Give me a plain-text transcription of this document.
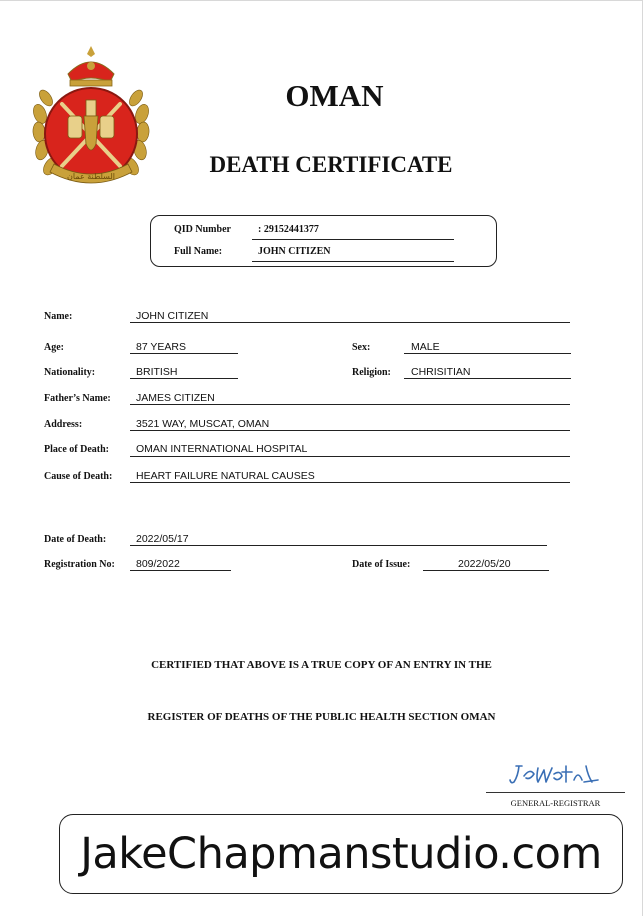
السلطنة عمان
OMAN
DEATH CERTIFICATE
QID Number	: 29152441377
Full Name:	JOHN CITIZEN
Name:	JOHN CITIZEN
Age:	87 YEARS	Sex:	MALE
Nationality:	BRITISH	Religion: CHRISITIAN
Father’s Name: JAMES CITIZEN
Address:	3521 WAY, MUSCAT, OMAN
Place of Death:	OMAN INTERNATIONAL HOSPITAL
Cause of Death: HEART FAILURE NATURAL CAUSES
Date of Death:	2022/05/17
Registration No: 809/2022	Date of Issue:	2022/05/20
CERTIFIED THAT ABOVE IS A TRUE COPY OF AN ENTRY IN THE
REGISTER OF DEATHS OF THE PUBLIC HEALTH SECTION OMAN
GENERAL-REGISTRAR
JakeChapmanstudio.com
